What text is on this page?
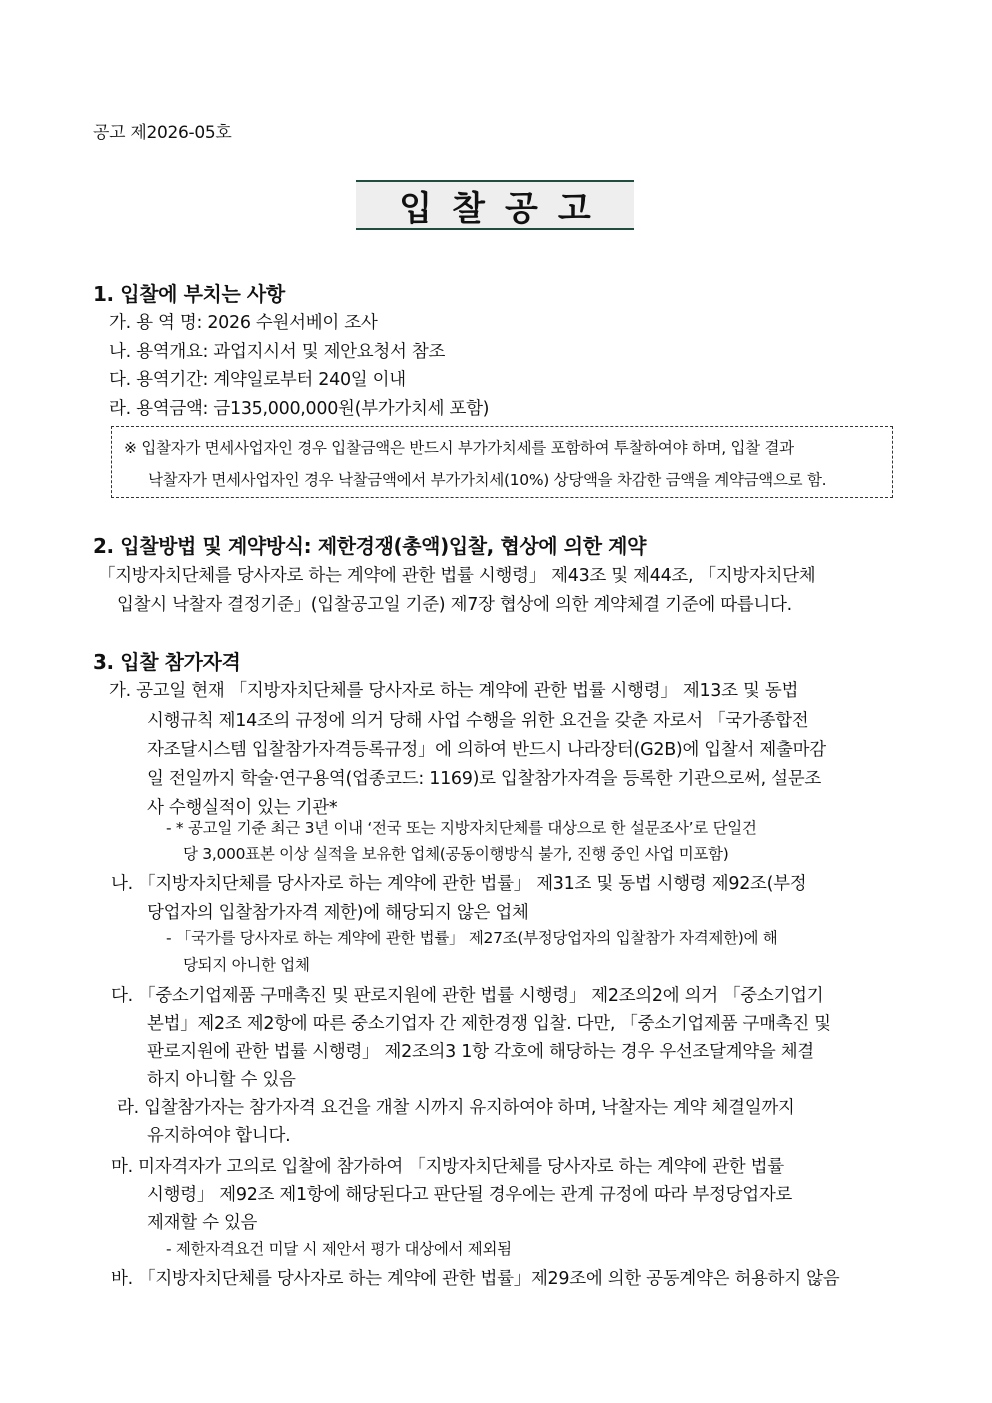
공고 제2026-05호
입찰공고
1. 입찰에 부치는 사항
가. 용 역 명: 2026 수원서베이 조사
나. 용역개요: 과업지시서 및 제안요청서 참조
다. 용역기간: 계약일로부터 240일 이내
라. 용역금액: 금135,000,000원(부가가치세 포함)
※ 입찰자가 면세사업자인 경우 입찰금액은 반드시 부가가치세를 포함하여 투찰하여야 하며, 입찰 결과
낙찰자가 면세사업자인 경우 낙찰금액에서 부가가치세(10%) 상당액을 차감한 금액을 계약금액으로 함.
2. 입찰방법 및 계약방식: 제한경쟁(총액)입찰, 협상에 의한 계약
「지방자치단체를 당사자로 하는 계약에 관한 법률 시행령」 제43조 및 제44조, 「지방자치단체
입찰시 낙찰자 결정기준」(입찰공고일 기준) 제7장 협상에 의한 계약체결 기준에 따릅니다.
3. 입찰 참가자격
가. 공고일 현재 「지방자치단체를 당사자로 하는 계약에 관한 법률 시행령」 제13조 및 동법
시행규칙 제14조의 규정에 의거 당해 사업 수행을 위한 요건을 갖춘 자로서 「국가종합전
자조달시스템 입찰참가자격등록규정」에 의하여 반드시 나라장터(G2B)에 입찰서 제출마감
일 전일까지 학술·연구용역(업종코드: 1169)로 입찰참가자격을 등록한 기관으로써, 설문조
사 수행실적이 있는 기관*
- * 공고일 기준 최근 3년 이내 ‘전국 또는 지방자치단체를 대상으로 한 설문조사’로 단일건
당 3,000표본 이상 실적을 보유한 업체(공동이행방식 불가, 진행 중인 사업 미포함)
나. 「지방자치단체를 당사자로 하는 계약에 관한 법률」 제31조 및 동법 시행령 제92조(부정
당업자의 입찰참가자격 제한)에 해당되지 않은 업체
- 「국가를 당사자로 하는 계약에 관한 법률」 제27조(부정당업자의 입찰참가 자격제한)에 해
당되지 아니한 업체
다. 「중소기업제품 구매촉진 및 판로지원에 관한 법률 시행령」 제2조의2에 의거 「중소기업기
본법」제2조 제2항에 따른 중소기업자 간 제한경쟁 입찰. 다만, 「중소기업제품 구매촉진 및
판로지원에 관한 법률 시행령」 제2조의3 1항 각호에 해당하는 경우 우선조달계약을 체결
하지 아니할 수 있음
라. 입찰참가자는 참가자격 요건을 개찰 시까지 유지하여야 하며, 낙찰자는 계약 체결일까지
유지하여야 합니다.
마. 미자격자가 고의로 입찰에 참가하여 「지방자치단체를 당사자로 하는 계약에 관한 법률
시행령」 제92조 제1항에 해당된다고 판단될 경우에는 관계 규정에 따라 부정당업자로
제재할 수 있음
- 제한자격요건 미달 시 제안서 평가 대상에서 제외됨
바. 「지방자치단체를 당사자로 하는 계약에 관한 법률」제29조에 의한 공동계약은 허용하지 않음
